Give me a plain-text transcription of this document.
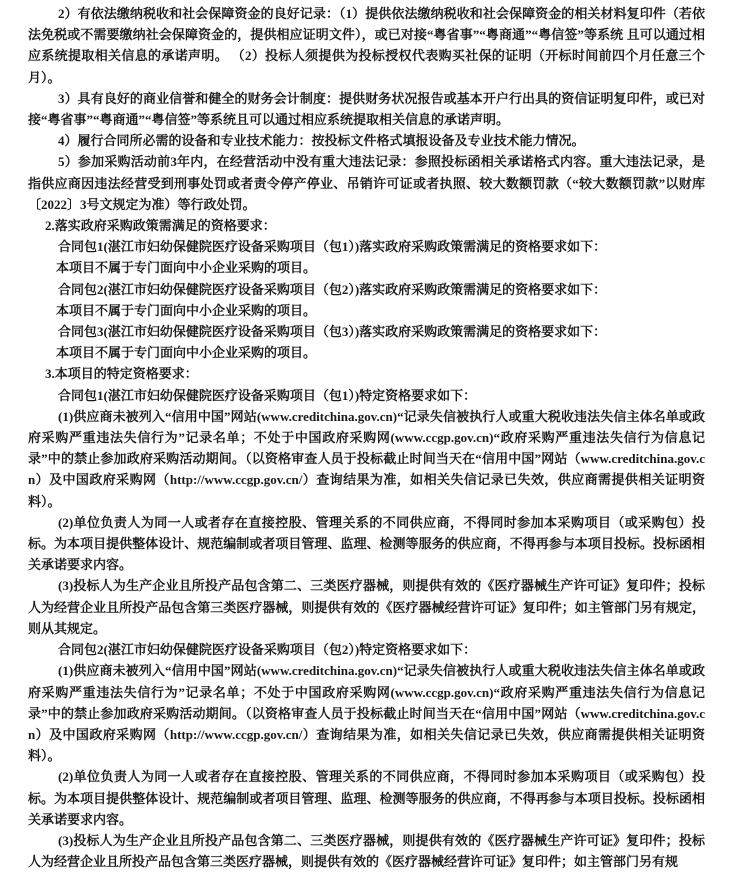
2）有依法缴纳税收和社会保障资金的良好记录：（1）提供依法缴纳税收和社会保障资金的相关材料复印件（若依法免税或不需要缴纳社会保障资金的，提供相应证明文件），或已对接“粤省事”“粤商通”“粤信签”等系统 且可以通过相应系统提取相关信息的承诺声明。 （2）投标人须提供为投标授权代表购买社保的证明（开标时间前四个月任意三个月）。

3）具有良好的商业信誉和健全的财务会计制度：提供财务状况报告或基本开户行出具的资信证明复印件，或已对接“粤省事”“粤商通”“粤信签”等系统且可以通过相应系统提取相关信息的承诺声明。

4）履行合同所必需的设备和专业技术能力：按投标文件格式填报设备及专业技术能力情况。

5）参加采购活动前3年内，在经营活动中没有重大违法记录：参照投标函相关承诺格式内容。重大违法记录，是指供应商因违法经营受到刑事处罚或者责令停产停业、吊销许可证或者执照、较大数额罚款（“较大数额罚款”以财库〔2022〕3号文规定为准）等行政处罚。

2.落实政府采购政策需满足的资格要求：

合同包1(湛江市妇幼保健院医疗设备采购项目（包1）)落实政府采购政策需满足的资格要求如下：

本项目不属于专门面向中小企业采购的项目。

合同包2(湛江市妇幼保健院医疗设备采购项目（包2）)落实政府采购政策需满足的资格要求如下：

本项目不属于专门面向中小企业采购的项目。

合同包3(湛江市妇幼保健院医疗设备采购项目（包3）)落实政府采购政策需满足的资格要求如下：

本项目不属于专门面向中小企业采购的项目。

3.本项目的特定资格要求：

合同包1(湛江市妇幼保健院医疗设备采购项目（包1）)特定资格要求如下：

(1)供应商未被列入“信用中国”网站(www.creditchina.gov.cn)“记录失信被执行人或重大税收违法失信主体名单或政府采购严重违法失信行为”记录名单；不处于中国政府采购网(www.ccgp.gov.cn)“政府采购严重违法失信行为信息记录”中的禁止参加政府采购活动期间。（以资格审查人员于投标截止时间当天在“信用中国”网站（www.creditchina.gov.cn）及中国政府采购网（http://www.ccgp.gov.cn/）查询结果为准，如相关失信记录已失效，供应商需提供相关证明资料）。

(2)单位负责人为同一人或者存在直接控股、管理关系的不同供应商，不得同时参加本采购项目（或采购包）投标。为本项目提供整体设计、规范编制或者项目管理、监理、检测等服务的供应商，不得再参与本项目投标。投标函相关承诺要求内容。

(3)投标人为生产企业且所投产品包含第二、三类医疗器械，则提供有效的《医疗器械生产许可证》复印件；投标人为经营企业且所投产品包含第三类医疗器械，则提供有效的《医疗器械经营许可证》复印件；如主管部门另有规定，则从其规定。

合同包2(湛江市妇幼保健院医疗设备采购项目（包2）)特定资格要求如下：

(1)供应商未被列入“信用中国”网站(www.creditchina.gov.cn)“记录失信被执行人或重大税收违法失信主体名单或政府采购严重违法失信行为”记录名单；不处于中国政府采购网(www.ccgp.gov.cn)“政府采购严重违法失信行为信息记录”中的禁止参加政府采购活动期间。（以资格审查人员于投标截止时间当天在“信用中国”网站（www.creditchina.gov.cn）及中国政府采购网（http://www.ccgp.gov.cn/）查询结果为准，如相关失信记录已失效，供应商需提供相关证明资料）。

(2)单位负责人为同一人或者存在直接控股、管理关系的不同供应商，不得同时参加本采购项目（或采购包）投标。为本项目提供整体设计、规范编制或者项目管理、监理、检测等服务的供应商，不得再参与本项目投标。投标函相关承诺要求内容。

(3)投标人为生产企业且所投产品包含第二、三类医疗器械，则提供有效的《医疗器械生产许可证》复印件；投标人为经营企业且所投产品包含第三类医疗器械，则提供有效的《医疗器械经营许可证》复印件；如主管部门另有规
